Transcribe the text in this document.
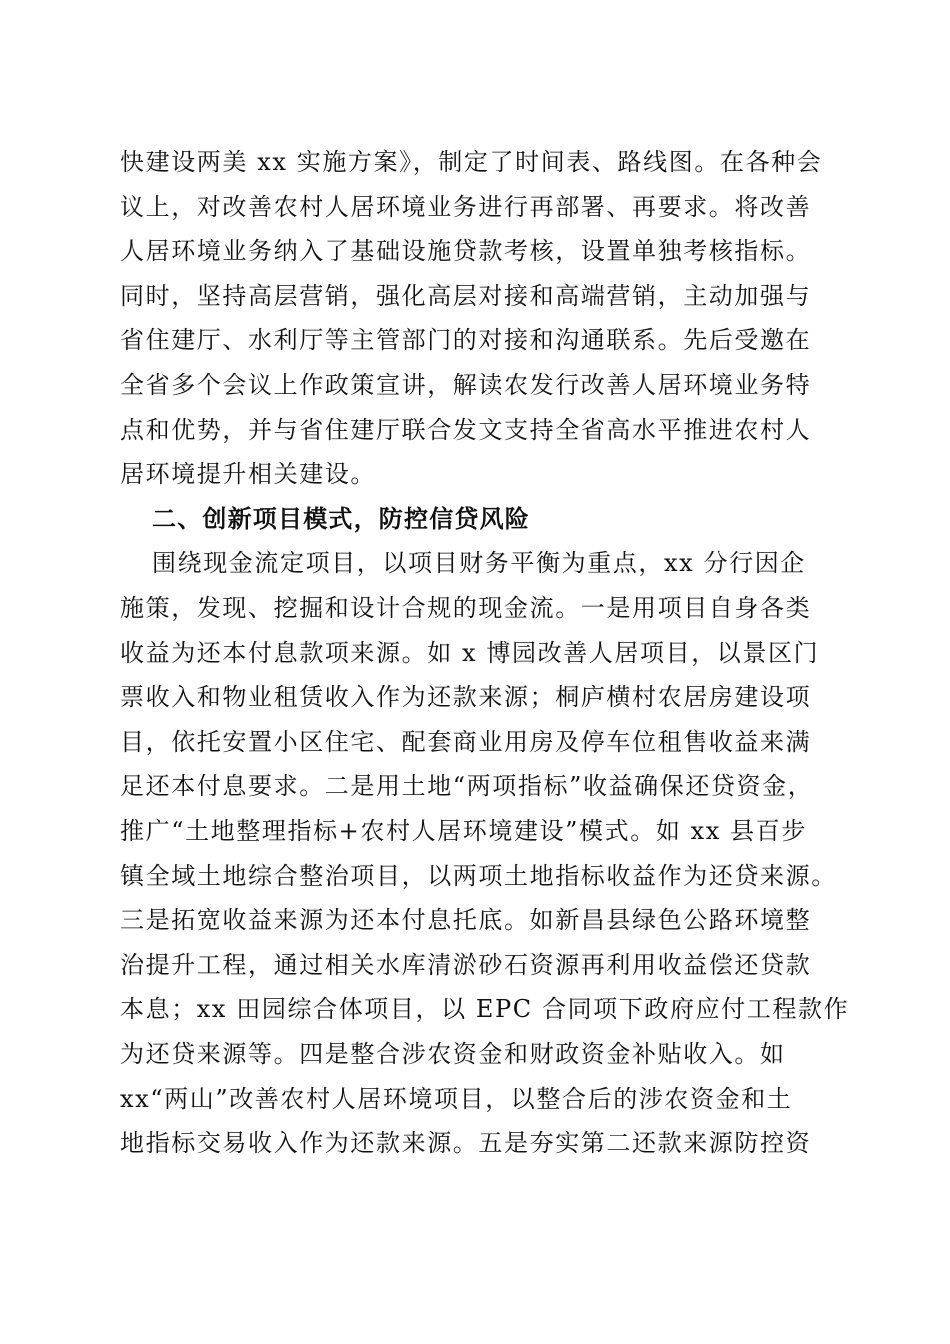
快建设两美 xx 实施方案》，制定了时间表、路线图。在各种会
议上，对改善农村人居环境业务进行再部署、再要求。将改善
人居环境业务纳入了基础设施贷款考核，设置单独考核指标。
同时，坚持高层营销，强化高层对接和高端营销，主动加强与
省住建厅、水利厅等主管部门的对接和沟通联系。先后受邀在
全省多个会议上作政策宣讲，解读农发行改善人居环境业务特
点和优势，并与省住建厅联合发文支持全省高水平推进农村人
居环境提升相关建设。
二、创新项目模式，防控信贷风险
围绕现金流定项目，以项目财务平衡为重点，xx 分行因企
施策，发现、挖掘和设计合规的现金流。一是用项目自身各类
收益为还本付息款项来源。如 x 博园改善人居项目，以景区门
票收入和物业租赁收入作为还款来源；桐庐横村农居房建设项
目，依托安置小区住宅、配套商业用房及停车位租售收益来满
足还本付息要求。二是用土地“两项指标”收益确保还贷资金，
推广“土地整理指标+农村人居环境建设”模式。如 xx 县百步
镇全域土地综合整治项目，以两项土地指标收益作为还贷来源。
三是拓宽收益来源为还本付息托底。如新昌县绿色公路环境整
治提升工程，通过相关水库清淤砂石资源再利用收益偿还贷款
本息；xx 田园综合体项目，以 EPC 合同项下政府应付工程款作
为还贷来源等。四是整合涉农资金和财政资金补贴收入。如
xx“两山”改善农村人居环境项目，以整合后的涉农资金和土
地指标交易收入作为还款来源。五是夯实第二还款来源防控资
